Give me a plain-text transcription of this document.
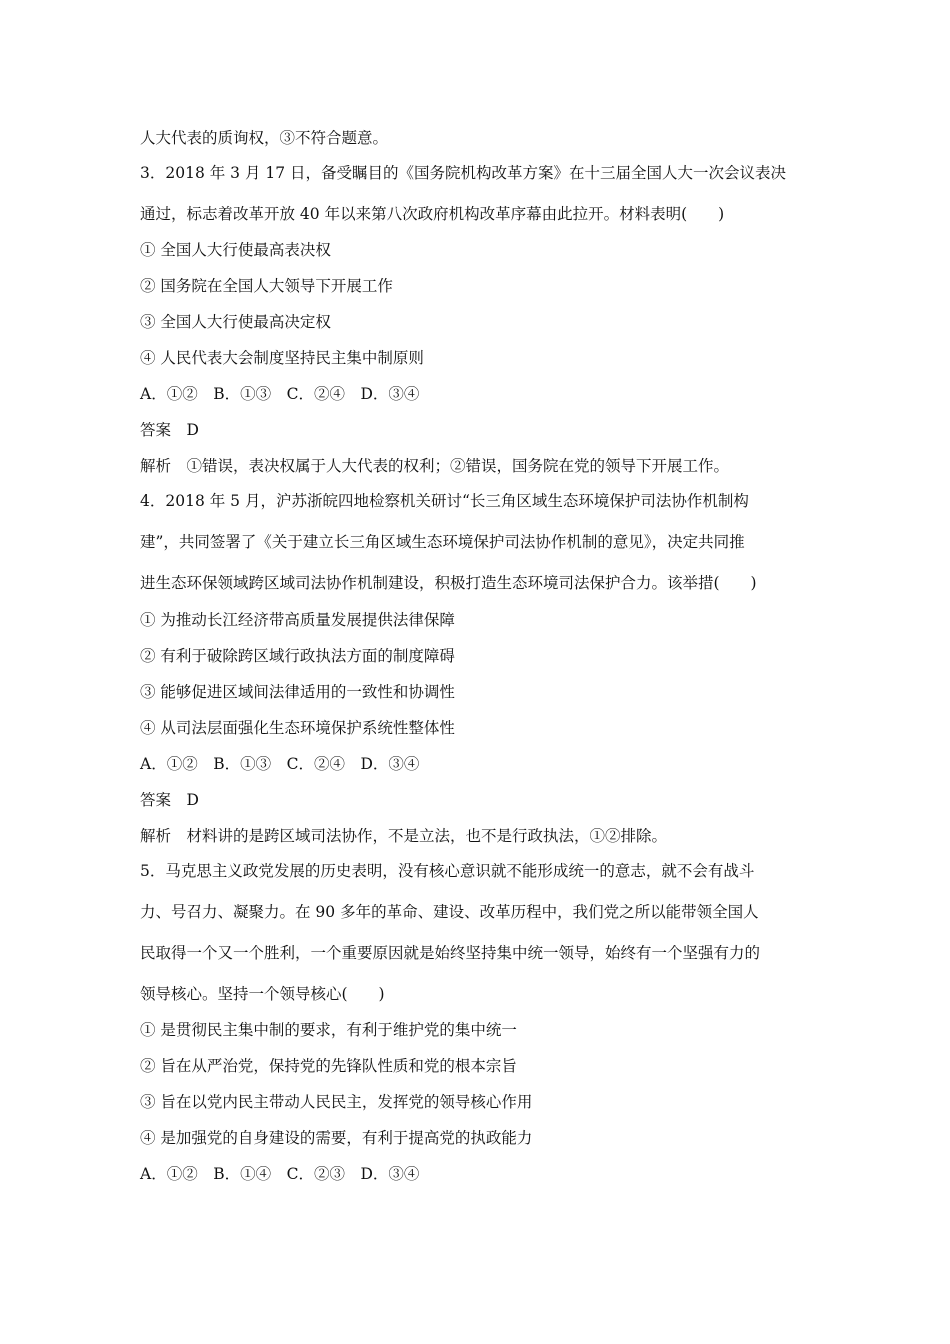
人大代表的质询权，③不符合题意。
3．2018 年 3 月 17 日，备受瞩目的《国务院机构改革方案》在十三届全国人大一次会议表决
通过，标志着改革开放 40 年以来第八次政府机构改革序幕由此拉开。材料表明(　　)
① 全国人大行使最高表决权
② 国务院在全国人大领导下开展工作
③ 全国人大行使最高决定权
④ 人民代表大会制度坚持民主集中制原则
A．①②　B．①③　C．②④　D．③④
答案　D
解析　①错误，表决权属于人大代表的权利；②错误，国务院在党的领导下开展工作。
4．2018 年 5 月，沪苏浙皖四地检察机关研讨“长三角区域生态环境保护司法协作机制构
建”，共同签署了《关于建立长三角区域生态环境保护司法协作机制的意见》，决定共同推
进生态环保领域跨区域司法协作机制建设，积极打造生态环境司法保护合力。该举措(　　)
① 为推动长江经济带高质量发展提供法律保障
② 有利于破除跨区域行政执法方面的制度障碍
③ 能够促进区域间法律适用的一致性和协调性
④ 从司法层面强化生态环境保护系统性整体性
A．①②　B．①③　C．②④　D．③④
答案　D
解析　材料讲的是跨区域司法协作，不是立法，也不是行政执法，①②排除。
5．马克思主义政党发展的历史表明，没有核心意识就不能形成统一的意志，就不会有战斗
力、号召力、凝聚力。在 90 多年的革命、建设、改革历程中，我们党之所以能带领全国人
民取得一个又一个胜利，一个重要原因就是始终坚持集中统一领导，始终有一个坚强有力的
领导核心。坚持一个领导核心(　　)
① 是贯彻民主集中制的要求，有利于维护党的集中统一
② 旨在从严治党，保持党的先锋队性质和党的根本宗旨
③ 旨在以党内民主带动人民民主，发挥党的领导核心作用
④ 是加强党的自身建设的需要，有利于提高党的执政能力
A．①②　B．①④　C．②③　D．③④
